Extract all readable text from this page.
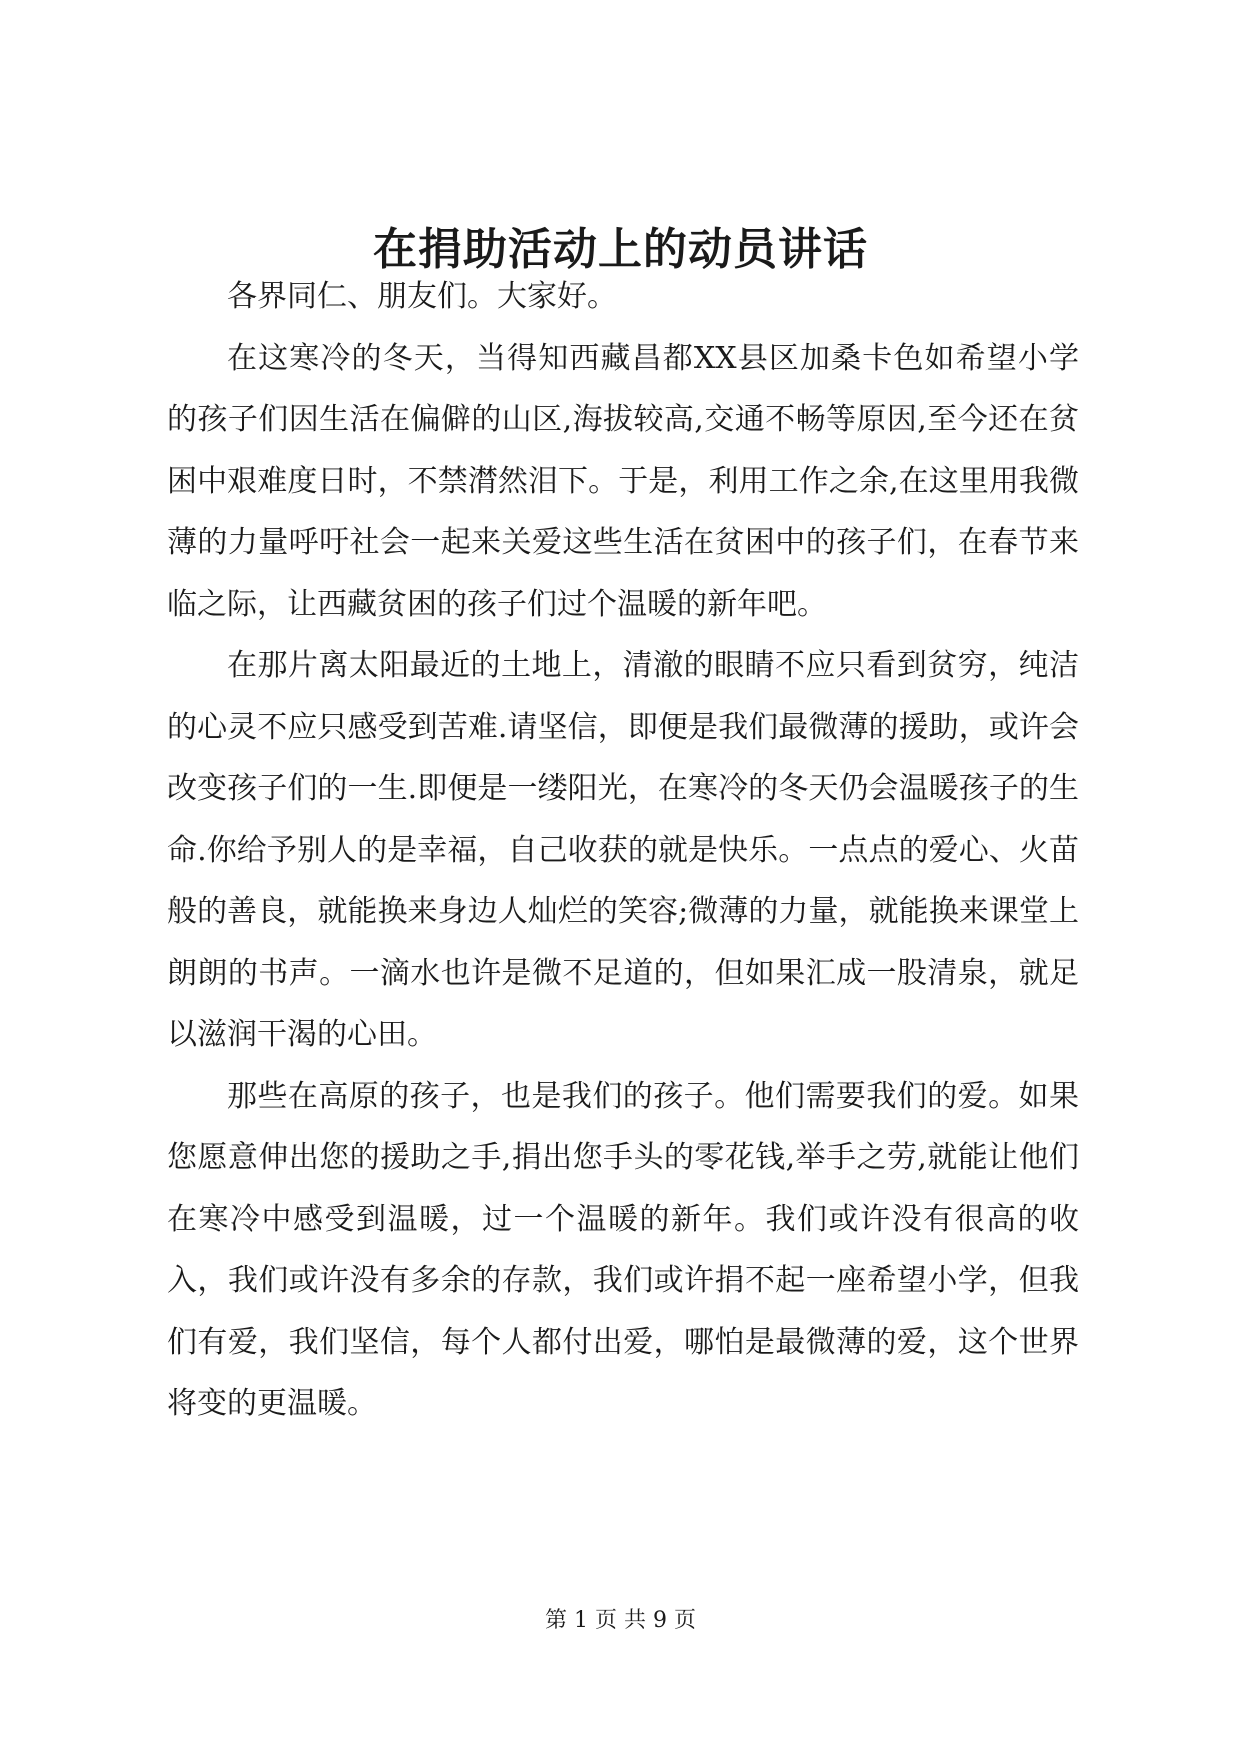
在捐助活动上的动员讲话

各界同仁、朋友们。大家好。

在这寒冷的冬天，当得知西藏昌都XX县区加桑卡色如希望小学的孩子们因生活在偏僻的山区,海拔较高,交通不畅等原因,至今还在贫困中艰难度日时，不禁潸然泪下。于是，利用工作之余,在这里用我微薄的力量呼吁社会一起来关爱这些生活在贫困中的孩子们，在春节来临之际，让西藏贫困的孩子们过个温暖的新年吧。

在那片离太阳最近的土地上，清澈的眼睛不应只看到贫穷，纯洁的心灵不应只感受到苦难.请坚信，即便是我们最微薄的援助，或许会改变孩子们的一生.即便是一缕阳光，在寒冷的冬天仍会温暖孩子的生命.你给予别人的是幸福，自己收获的就是快乐。一点点的爱心、火苗般的善良，就能换来身边人灿烂的笑容;微薄的力量，就能换来课堂上朗朗的书声。一滴水也许是微不足道的，但如果汇成一股清泉，就足以滋润干渴的心田。

那些在高原的孩子，也是我们的孩子。他们需要我们的爱。如果您愿意伸出您的援助之手,捐出您手头的零花钱,举手之劳,就能让他们在寒冷中感受到温暖，过一个温暖的新年。我们或许没有很高的收入，我们或许没有多余的存款，我们或许捐不起一座希望小学，但我们有爱，我们坚信，每个人都付出爱，哪怕是最微薄的爱，这个世界将变的更温暖。

第 1 页 共 9 页
